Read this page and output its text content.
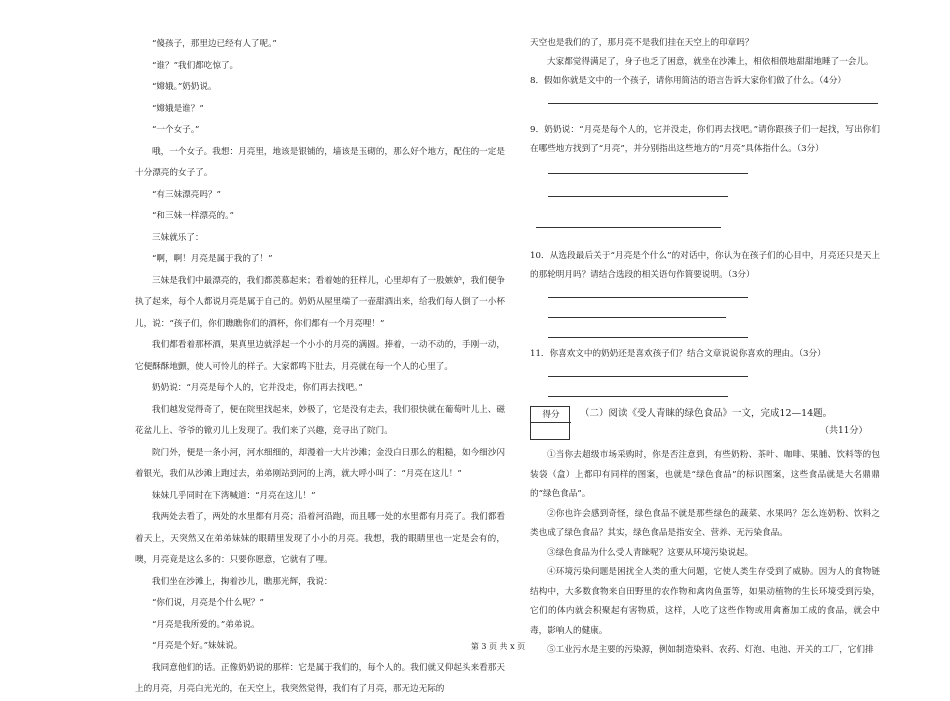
“傻孩子，那里边已经有人了呢。”

“谁？”我们都吃惊了。

“嫦娥。”奶奶说。

“嫦娥是谁？”

“一个女子。”

哦，一个女子。我想：月亮里，地该是银铺的，墙该是玉砌的，那么好个地方，配住的一定是十分漂亮的女子了。

“有三妹漂亮吗？”

“和三妹一样漂亮的。”

三妹就乐了：

“啊，啊！月亮是属于我的了！”

三妹是我们中最漂亮的，我们都羡慕起来；看着她的狂样儿，心里却有了一股嫉妒，我们便争执了起来，每个人都说月亮是属于自己的。奶奶从屋里端了一壶甜酒出来，给我们每人倒了一小杯儿，说：“孩子们，你们瞧瞧你们的酒杯，你们都有一个月亮哩！”

我们都看着那杯酒，果真里边就浮起一个小小的月亮的满圆。捧着，一动不动的，手刚一动，它便酥酥地颤，使人可怜儿的样子。大家都鸣下肚去，月亮就在每一个人的心里了。

奶奶说：“月亮是每个人的，它并没走，你们再去找吧。”

我们越发觉得奇了，便在院里找起来，妙极了，它是没有走去，我们很快就在葡萄叶儿上、磁花盆儿上、爷爷的锨刃儿上发现了。我们来了兴趣，竞寻出了院门。

院门外，便是一条小河，河水细细的，却漫着一大片沙滩；金没白日那么的粗糙，如今细沙闪着银光，我们从沙滩上跑过去，弟弟刚站到河的上湾，就大呼小叫了：“月亮在这儿！”

妹妹几乎同时在下湾喊道：“月亮在这儿！”

我两处去看了，两处的水里都有月亮；沿着河沿跑，而且哪一处的水里都有月亮了。我们都看着天上，天突然又在弟弟妹妹的眼睛里发现了小小的月亮。我想，我的眼睛里也一定是会有的，噢，月亮竟是这么多的：只要你愿意，它就有了哩。

我们坐在沙滩上，掬着沙儿，瞧那光辉，我说：

“你们说，月亮是个什么呢？”

“月亮是我所爱的。”弟弟说。

“月亮是个好。”妹妹说。

我同意他们的话。正像奶奶说的那样：它是属于我们的，每个人的。我们就又仰起头来看那天上的月亮，月亮白光光的，在天空上，我突然觉得，我们有了月亮，那无边无际的

天空也是我们的了，那月亮不是我们挂在天空上的印章吗？

大家都觉得满足了，身子也乏了困意，就坐在沙滩上，相依相偎地甜甜地睡了一会儿。

8．假如你就是文中的一个孩子，请你用简洁的语言告诉大家你们做了什么。（4分）

9．奶奶说：“月亮是每个人的，它并没走，你们再去找吧。”请你跟孩子们一起找，写出你们在哪些地方找到了“月亮”，并分别指出这些地方的“月亮”具体指什么。（3分）

10．从选段最后关于“月亮是个什么”的对话中，你认为在孩子们的心目中，月亮还只是天上的那轮明月吗？请结合选段的相关语句作简要说明。（3分）

11．你喜欢文中的奶奶还是喜欢孩子们？结合文章说说你喜欢的理由。（3分）

得分	（二）阅读《受人青睐的绿色食品》一文，完成12—14题。
（共11分）

①当你去超级市场采购时，你是否注意到，有些奶粉、茶叶、咖啡、果脯、饮料等的包装袋（盒）上都印有同样的图案，也就是“绿色食品”的标识图案，这些食品就是大名鼎鼎的“绿色食品”。

②你也许会感到奇怪，绿色食品不就是那些绿色的蔬菜、水果吗？怎么连奶粉、饮料之类也成了绿色食品？其实，绿色食品是指安全、营养、无污染食品。

③绿色食品为什么受人青睐呢？这要从环境污染说起。

④环境污染问题是困扰全人类的重大问题，它使人类生存受到了威胁。因为人的食物链结构中，大多数食物来自田野里的农作物和禽肉鱼蛋等，如果动植物的生长环境受到污染，它们的体内就会积聚起有害物质，这样，人吃了这些作物或用禽畜加工成的食品，就会中毒，影响人的健康。

⑤工业污水是主要的污染源，例如制造染料、农药、灯泡、电池、开关的工厂，它们排

第 3 页 共 x 页
